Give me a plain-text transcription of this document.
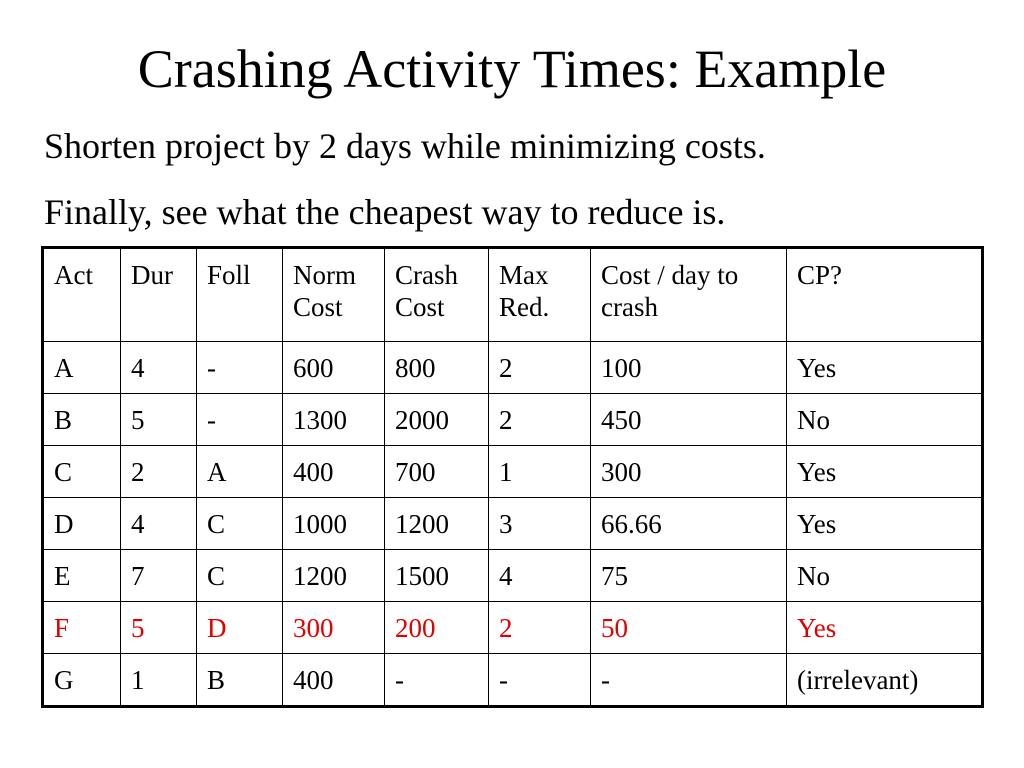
Crashing Activity Times: Example
Shorten project by 2 days while minimizing costs.
Finally, see what the cheapest way to reduce is.
Act	Dur	Foll	Norm Cost	Crash Cost	Max Red.	Cost / day to crash	CP?
A	4	-	600	800	2	100	Yes
B	5	-	1300	2000	2	450	No
C	2	A	400	700	1	300	Yes
D	4	C	1000	1200	3	66.66	Yes
E	7	C	1200	1500	4	75	No
F	5	D	300	200	2	50	Yes
G	1	B	400	-	-	-	(irrelevant)
